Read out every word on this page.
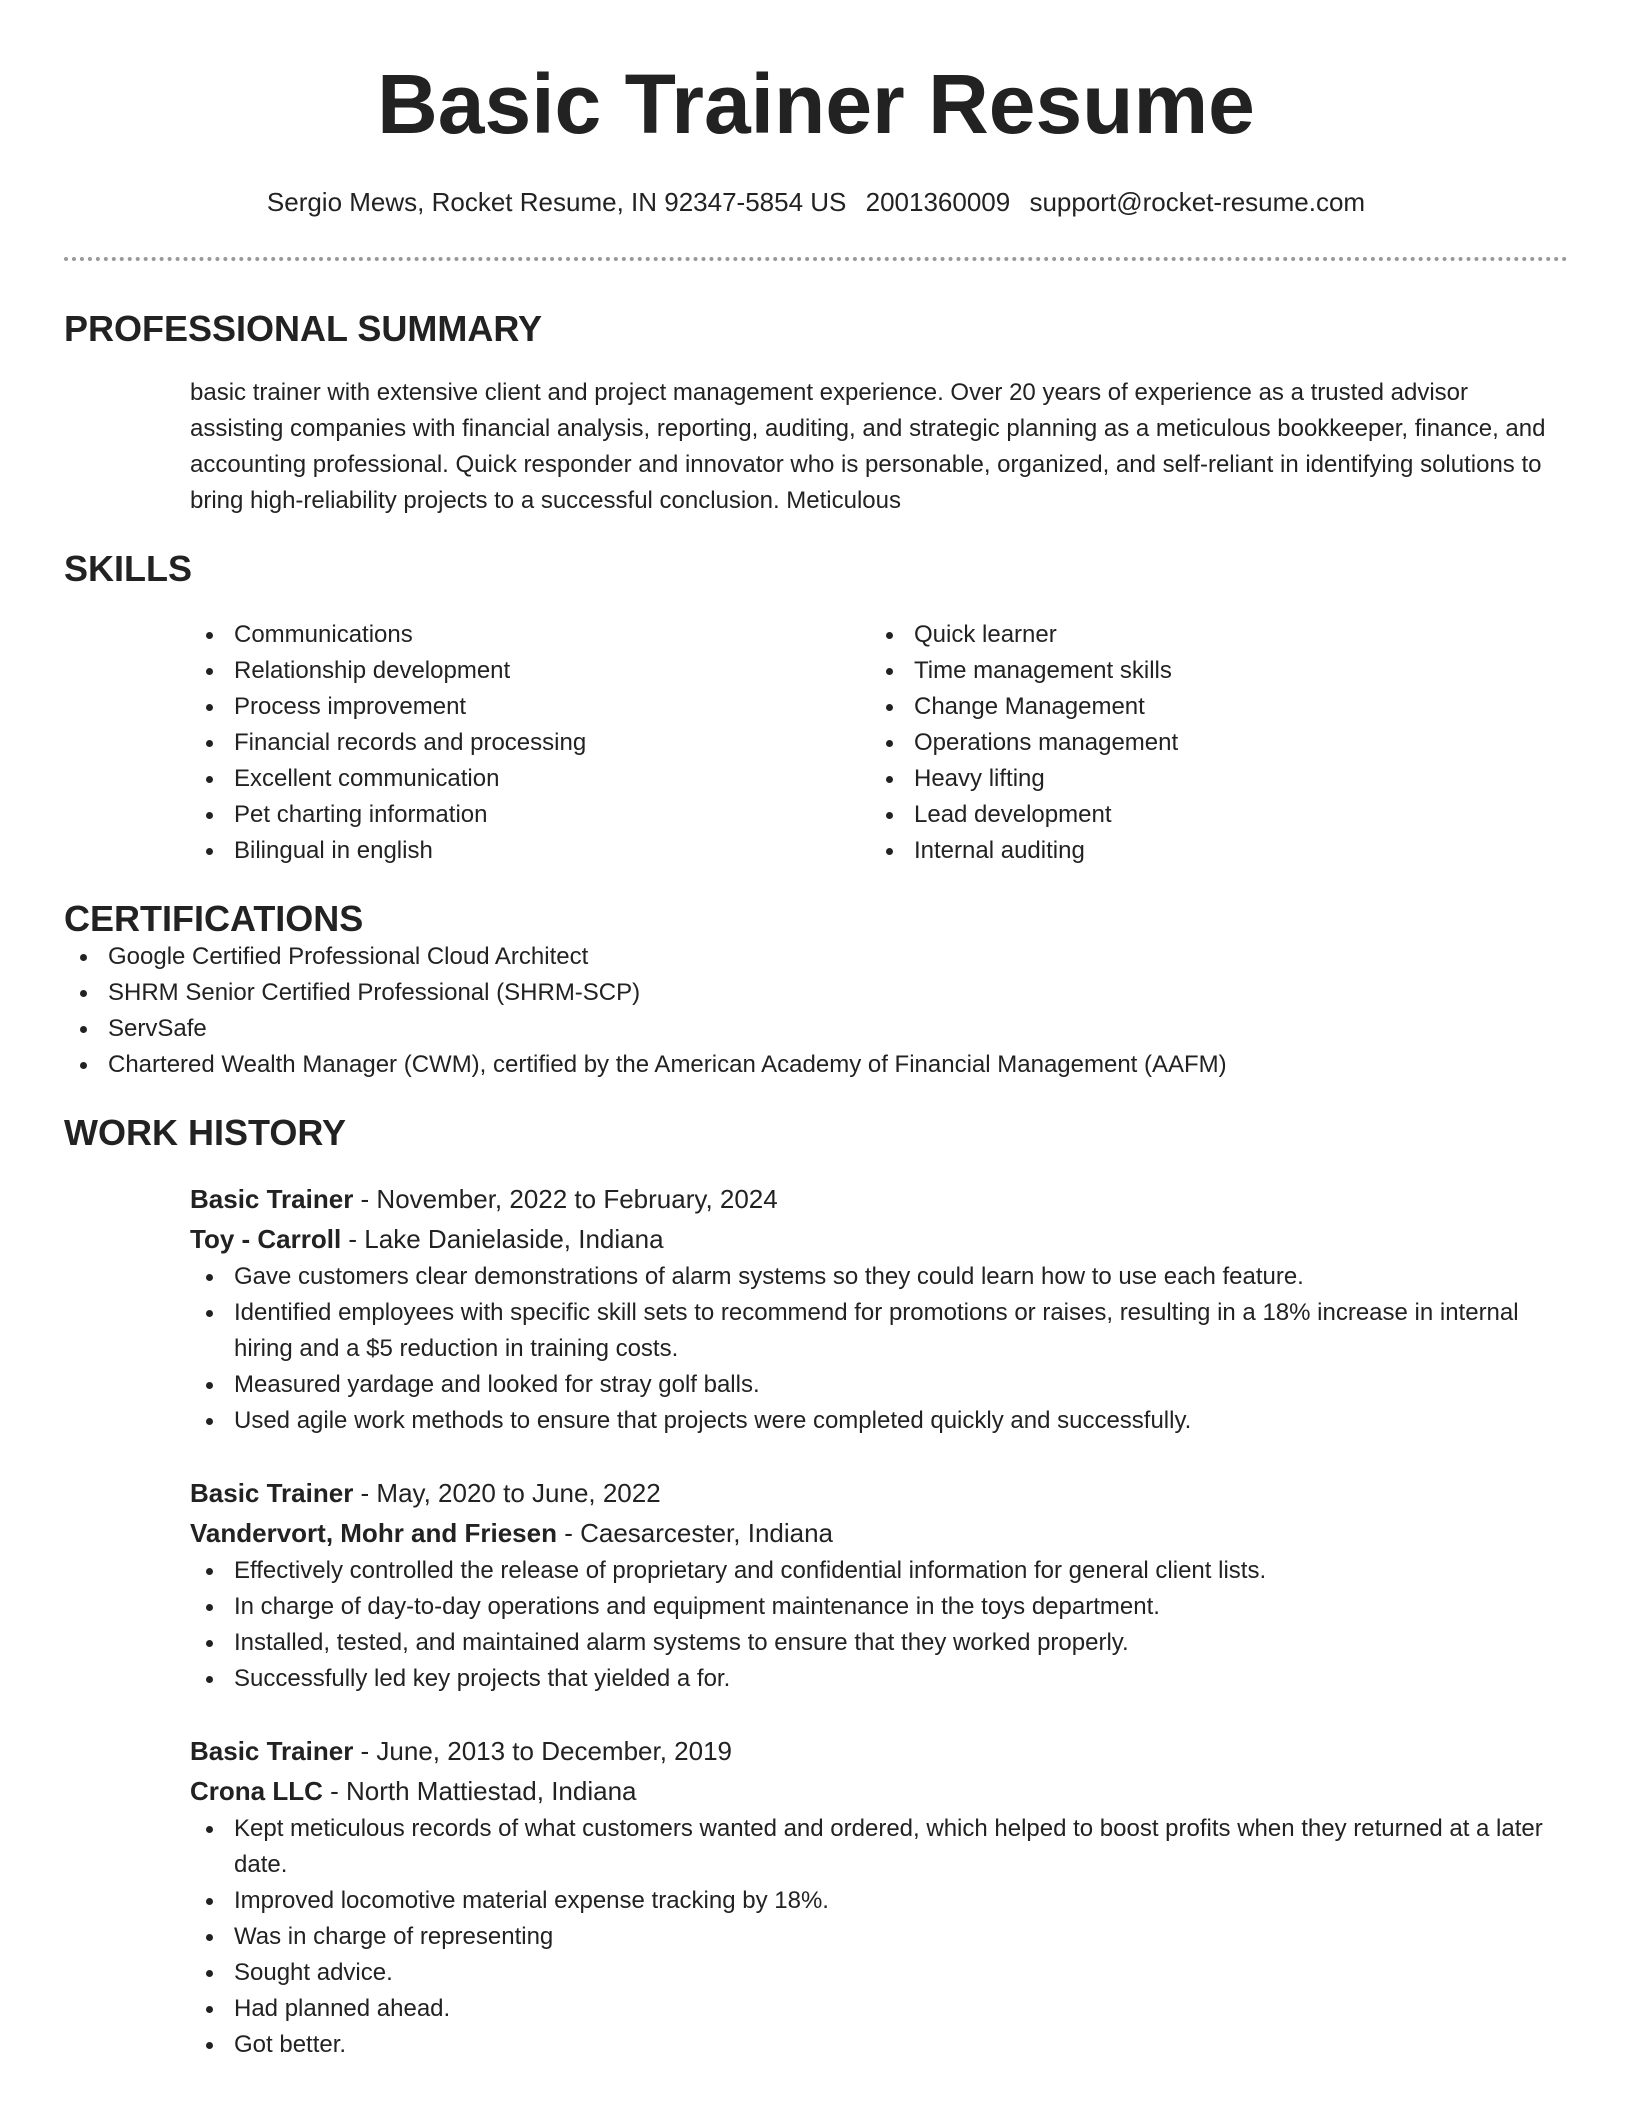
Basic Trainer Resume
Sergio Mews, Rocket Resume, IN 92347-5854 US 2001360009 support@rocket-resume.com
PROFESSIONAL SUMMARY

basic trainer with extensive client and project management experience. Over 20 years of experience as a trusted advisor assisting companies with financial analysis, reporting, auditing, and strategic planning as a meticulous bookkeeper, finance, and accounting professional. Quick responder and innovator who is personable, organized, and self-reliant in identifying solutions to bring high-reliability projects to a successful conclusion. Meticulous

SKILLS
Communications
Relationship development
Process improvement
Financial records and processing
Excellent communication
Pet charting information
Bilingual in english
Quick learner
Time management skills
Change Management
Operations management
Heavy lifting
Lead development
Internal auditing
CERTIFICATIONS
Google Certified Professional Cloud Architect
SHRM Senior Certified Professional (SHRM-SCP)
ServSafe
Chartered Wealth Manager (CWM), certified by the American Academy of Financial Management (AAFM)
WORK HISTORY
Basic Trainer - November, 2022 to February, 2024
Toy - Carroll - Lake Danielaside, Indiana
Gave customers clear demonstrations of alarm systems so they could learn how to use each feature.
Identified employees with specific skill sets to recommend for promotions or raises, resulting in a 18% increase in internal hiring and a $5 reduction in training costs.
Measured yardage and looked for stray golf balls.
Used agile work methods to ensure that projects were completed quickly and successfully.
Basic Trainer - May, 2020 to June, 2022
Vandervort, Mohr and Friesen - Caesarcester, Indiana
Effectively controlled the release of proprietary and confidential information for general client lists.
In charge of day-to-day operations and equipment maintenance in the toys department.
Installed, tested, and maintained alarm systems to ensure that they worked properly.
Successfully led key projects that yielded a for.
Basic Trainer - June, 2013 to December, 2019
Crona LLC - North Mattiestad, Indiana
Kept meticulous records of what customers wanted and ordered, which helped to boost profits when they returned at a later date.
Improved locomotive material expense tracking by 18%.
Was in charge of representing
Sought advice.
Had planned ahead.
Got better.
